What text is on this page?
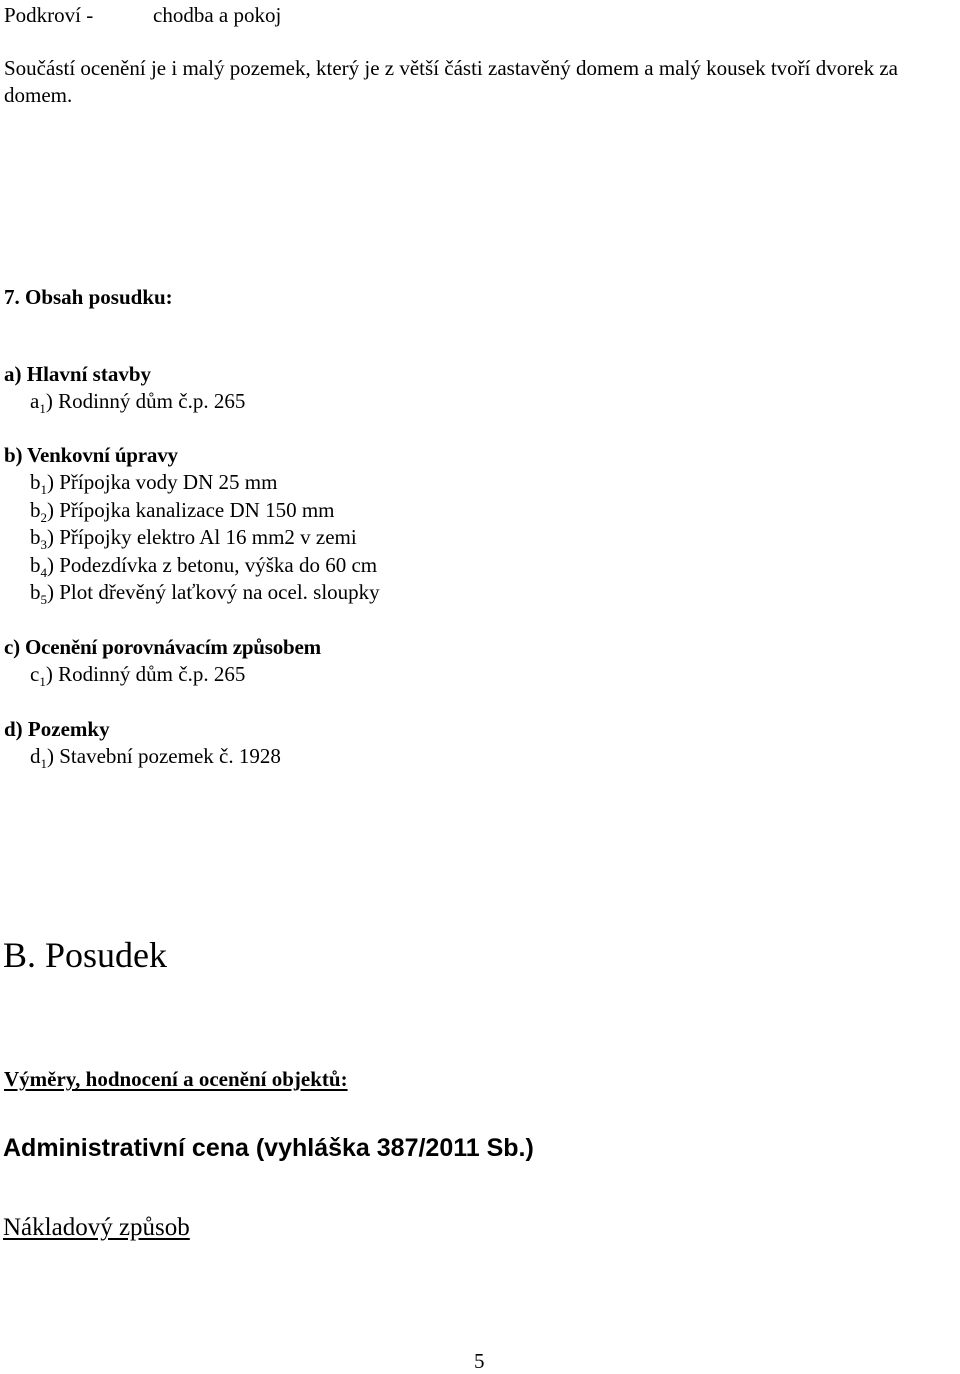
Podkroví -	chodba a pokoj
Součástí ocenění je i malý pozemek, který je z větší části zastavěný domem a malý kousek tvoří dvorek za domem.
7. Obsah posudku:
a) Hlavní stavby
$a_1$) Rodinný dům č.p. 265
b) Venkovní úpravy
$b_1$) Přípojka vody DN 25 mm
$b_2$) Přípojka kanalizace DN 150 mm
$b_3$) Přípojky elektro Al 16 mm2 v zemi
$b_4$) Podezdívka z betonu, výška do 60 cm
$b_5$) Plot dřevěný laťkový na ocel. sloupky
c) Ocenění porovnávacím způsobem
$c_1$) Rodinný dům č.p. 265
d) Pozemky
$d_1$) Stavební pozemek č. 1928
B. Posudek
Výměry, hodnocení a ocenění objektů:
Administrativní cena (vyhláška 387/2011 Sb.)
Nákladový způsob
5
